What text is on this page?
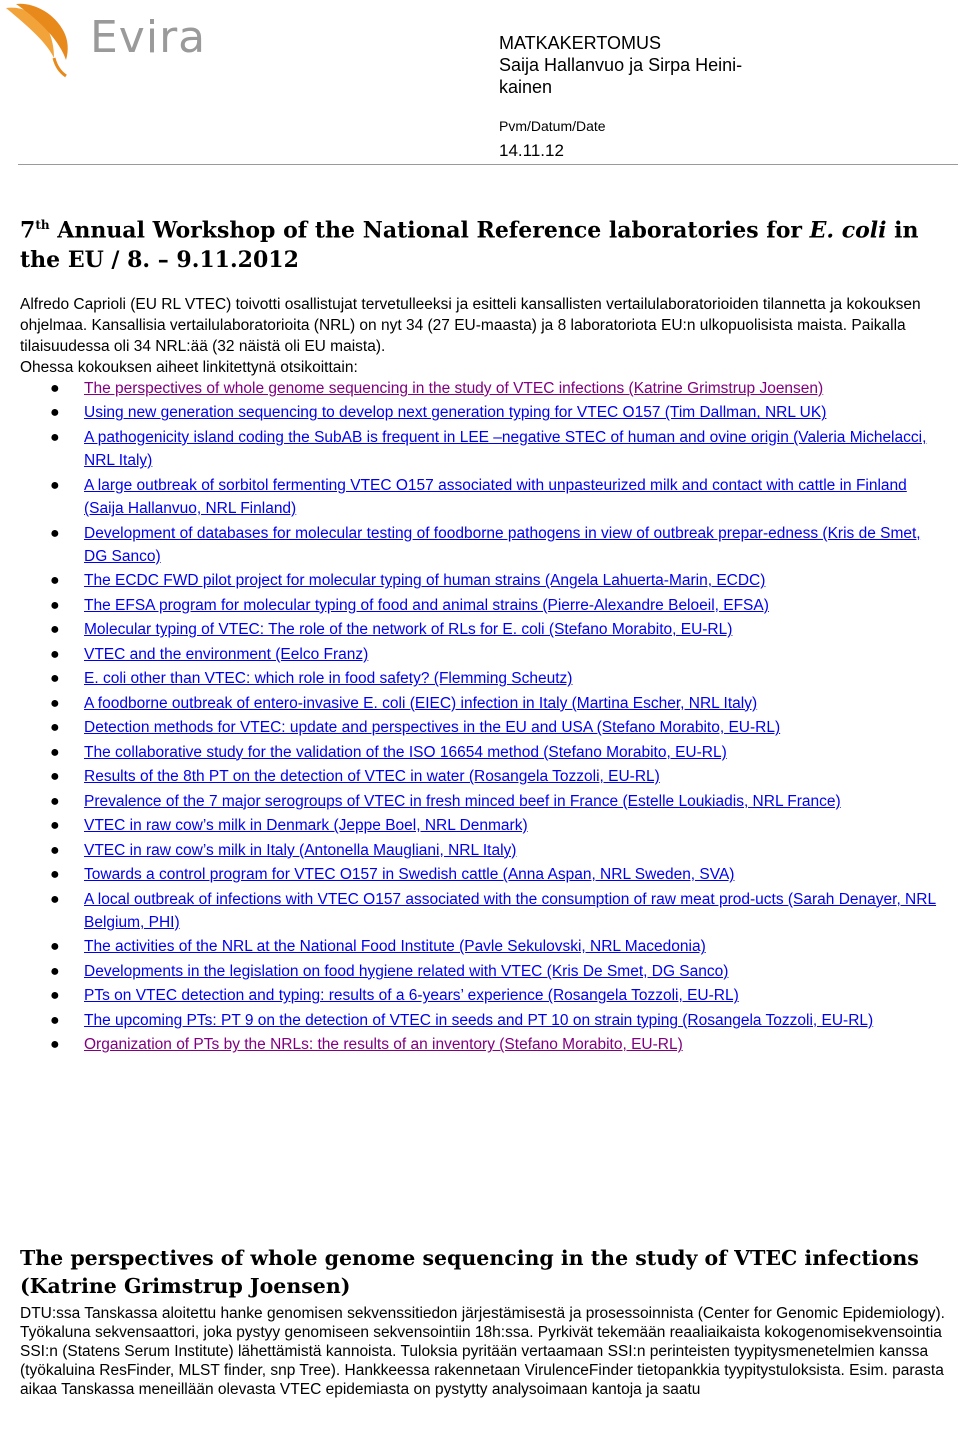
Evira	MATKAKERTOMUS
Saija Hallanvuo ja Sirpa Heini-
kainen
Pvm/Datum/Date
14.11.12
7th Annual Workshop of the National Reference laboratories for E. coli in the EU / 8. – 9.11.2012

Alfredo Caprioli (EU RL VTEC) toivotti osallistujat tervetulleeksi ja esitteli kansallisten vertailulaboratorioiden tilannetta ja kokouksen ohjelmaa. Kansallisia vertailulaboratorioita (NRL) on nyt 34 (27 EU-maasta) ja 8 laboratoriota EU:n ulkopuolisista maista. Paikalla tilaisuudessa oli 34 NRL:ää (32 näistä oli EU maista).

Ohessa kokouksen aiheet linkitettynä otsikoittain:

● The perspectives of whole genome sequencing in the study of VTEC infections (Katrine Grimstrup Joensen)
● Using new generation sequencing to develop next generation typing for VTEC O157 (Tim Dallman, NRL UK)
● A pathogenicity island coding the SubAB is frequent in LEE –negative STEC of human and ovine origin (Valeria Michelacci, NRL Italy)
● A large outbreak of sorbitol fermenting VTEC O157 associated with unpasteurized milk and contact with cattle in Finland (Saija Hallanvuo, NRL Finland)
● Development of databases for molecular testing of foodborne pathogens in view of outbreak prepar-edness (Kris de Smet, DG Sanco)
● The ECDC FWD pilot project for molecular typing of human strains (Angela Lahuerta-Marin, ECDC)
● The EFSA program for molecular typing of food and animal strains (Pierre-Alexandre Beloeil, EFSA)
● Molecular typing of VTEC: The role of the network of RLs for E. coli (Stefano Morabito, EU-RL)
● VTEC and the environment (Eelco Franz)
● E. coli other than VTEC: which role in food safety? (Flemming Scheutz)
● A foodborne outbreak of entero-invasive E. coli (EIEC) infection in Italy (Martina Escher, NRL Italy)
● Detection methods for VTEC: update and perspectives in the EU and USA (Stefano Morabito, EU-RL)
● The collaborative study for the validation of the ISO 16654 method (Stefano Morabito, EU-RL)
● Results of the 8th PT on the detection of VTEC in water (Rosangela Tozzoli, EU-RL)
● Prevalence of the 7 major serogroups of VTEC in fresh minced beef in France (Estelle Loukiadis, NRL France)
● VTEC in raw cow’s milk in Denmark (Jeppe Boel, NRL Denmark)
● VTEC in raw cow’s milk in Italy (Antonella Maugliani, NRL Italy)
● Towards a control program for VTEC O157 in Swedish cattle (Anna Aspan, NRL Sweden, SVA)
● A local outbreak of infections with VTEC O157 associated with the consumption of raw meat prod-ucts (Sarah Denayer, NRL Belgium, PHI)
● The activities of the NRL at the National Food Institute (Pavle Sekulovski, NRL Macedonia)
● Developments in the legislation on food hygiene related with VTEC (Kris De Smet, DG Sanco)
● PTs on VTEC detection and typing: results of a 6-years’ experience (Rosangela Tozzoli, EU-RL)
● The upcoming PTs: PT 9 on the detection of VTEC in seeds and PT 10 on strain typing (Rosangela Tozzoli, EU-RL)
● Organization of PTs by the NRLs: the results of an inventory (Stefano Morabito, EU-RL)
The perspectives of whole genome sequencing in the study of VTEC infections (Katrine Grimstrup Joensen)
DTU:ssa Tanskassa aloitettu hanke genomisen sekvenssitiedon järjestämisestä ja prosessoinnista (Center for Genomic Epidemiology). Työkaluna sekvensaattori, joka pystyy genomiseen sekvensointiin 18h:ssa. Pyrkivät tekemään reaaliaikaista kokogenomisekvensointia SSI:n (Statens Serum Institute) lähettämistä kannoista. Tuloksia pyritään vertaamaan SSI:n perinteisten tyypitysmenetelmien kanssa (työkaluina ResFinder, MLST finder, snp Tree). Hankkeessa rakennetaan VirulenceFinder tietopankkia tyypitystuloksista. Esim. parasta aikaa Tanskassa meneillään olevasta VTEC epidemiasta on pystytty analysoimaan kantoja ja saatu
